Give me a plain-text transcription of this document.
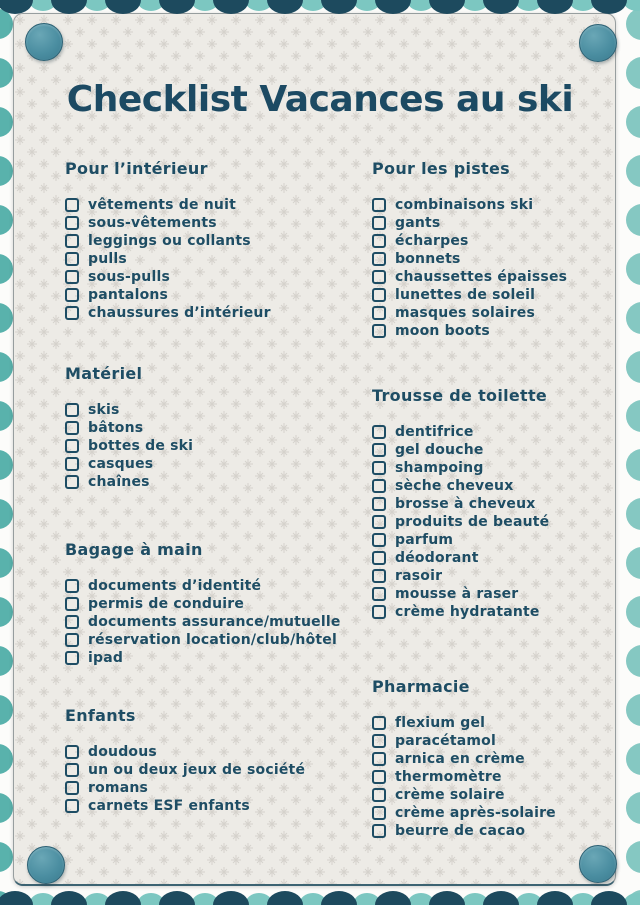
Checklist Vacances au ski
Pour l’intérieur
vêtements de nuit
sous-vêtements
leggings ou collants
pulls
sous-pulls
pantalons
chaussures d’intérieur
Matériel
skis
bâtons
bottes de ski
casques
chaînes
Bagage à main
documents d’identité
permis de conduire
documents assurance/mutuelle
réservation location/club/hôtel
ipad
Enfants
doudous
un ou deux jeux de société
romans
carnets ESF enfants
Pour les pistes
combinaisons ski
gants
écharpes
bonnets
chaussettes épaisses
lunettes de soleil
masques solaires
moon boots
Trousse de toilette
dentifrice
gel douche
shampoing
sèche cheveux
brosse à cheveux
produits de beauté
parfum
déodorant
rasoir
mousse à raser
crème hydratante
Pharmacie
flexium gel
paracétamol
arnica en crème
thermomètre
crème solaire
crème après-solaire
beurre de cacao
